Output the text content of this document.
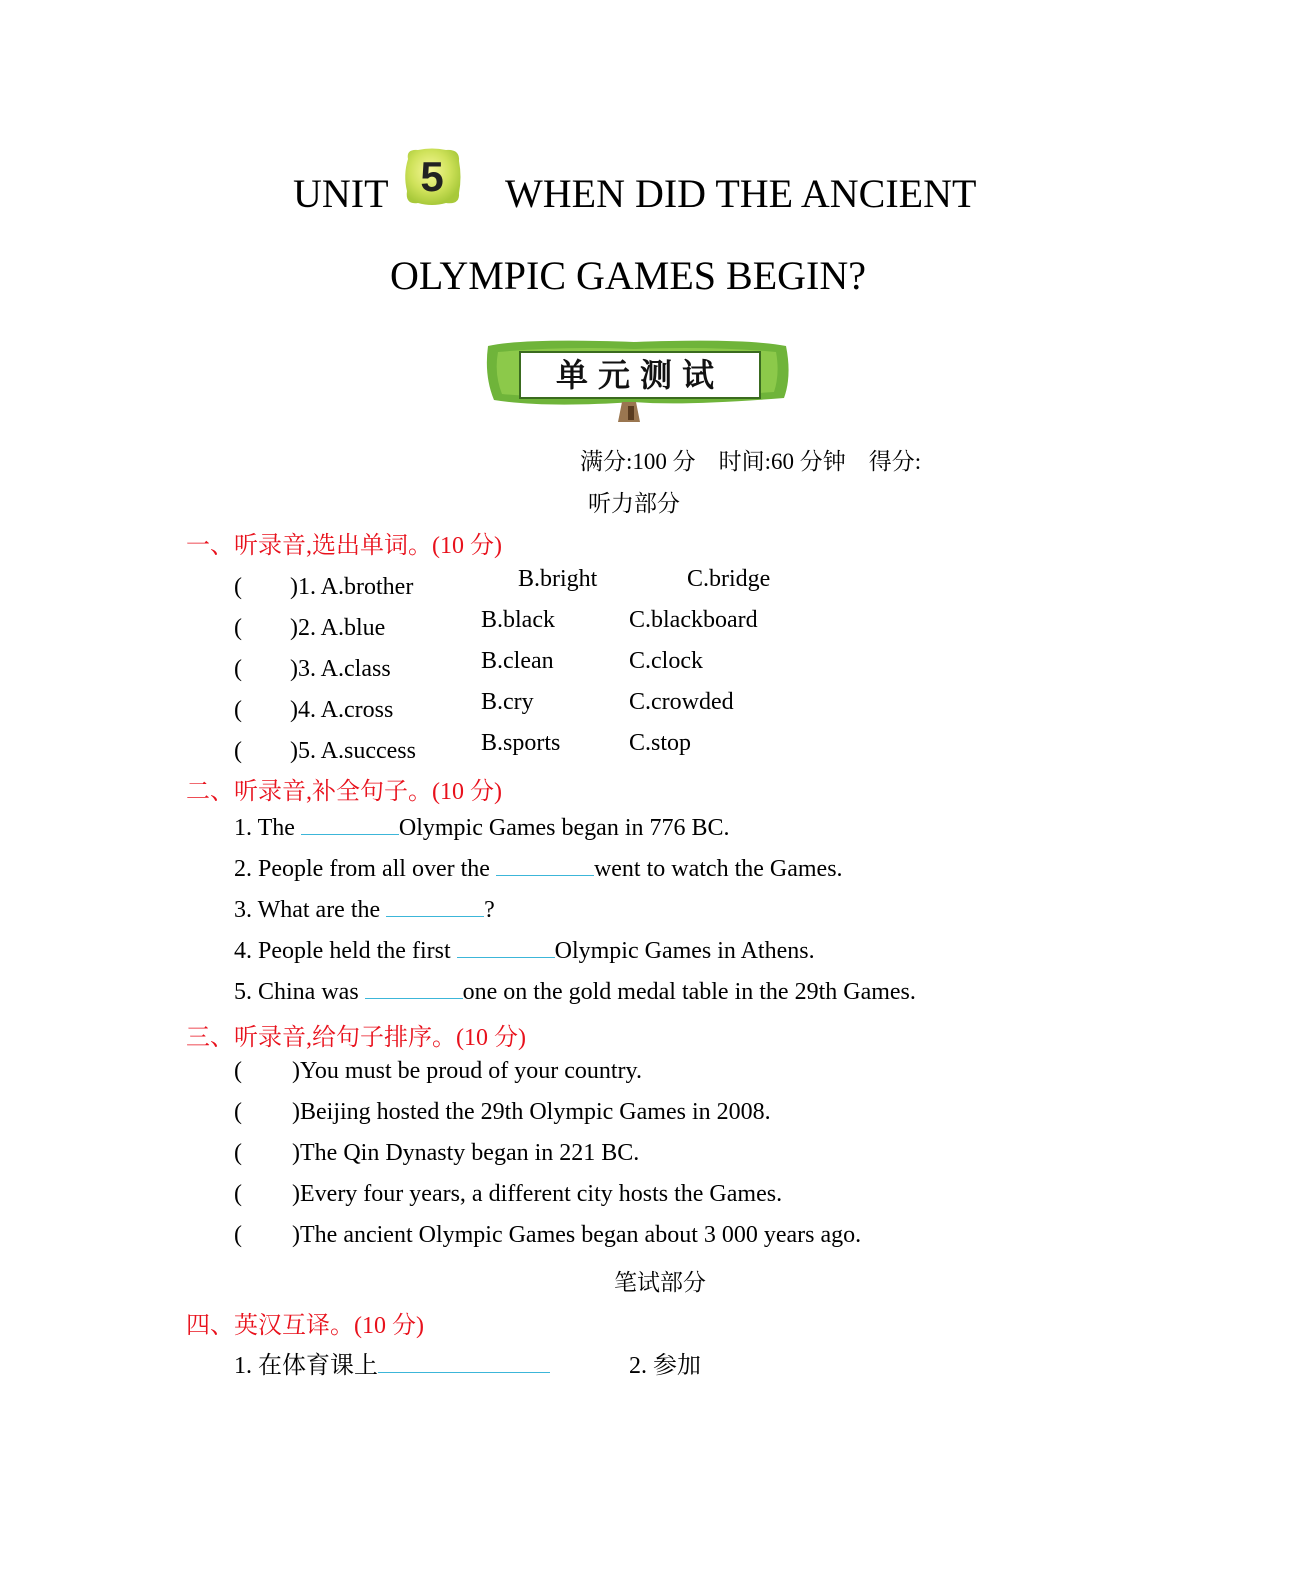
UNIT 5	WHEN DID THE ANCIENT
OLYMPIC GAMES BEGIN?
单元测试
满分:100 分　时间:60 分钟　得分:
听力部分
一、听录音,选出单词。(10 分)
(　　)1. A.brother	B.bright	C.bridge
(　　)2. A.blue	B.black	C.blackboard
(　　)3. A.class	B.clean	C.clock
(　　)4. A.cross	B.cry	C.crowded
(　　)5. A.success	B.sports	C.stop
二、听录音,补全句子。(10 分)
1. The	Olympic Games began in 776 BC.
2. People from all over the	went to watch the Games.
3. What are the	?
4. People held the first	Olympic Games in Athens.
5. China was	one on the gold medal table in the 29th Games.
三、听录音,给句子排序。(10 分)
( )You must be proud of your country.
( )Beijing hosted the 29th Olympic Games in 2008.
( )The Qin Dynasty began in 221 BC.
( )Every four years, a different city hosts the Games.
( )The ancient Olympic Games began about 3 000 years ago.
笔试部分
四、英汉互译。(10 分)
1. 在体育课上	2. 参加
